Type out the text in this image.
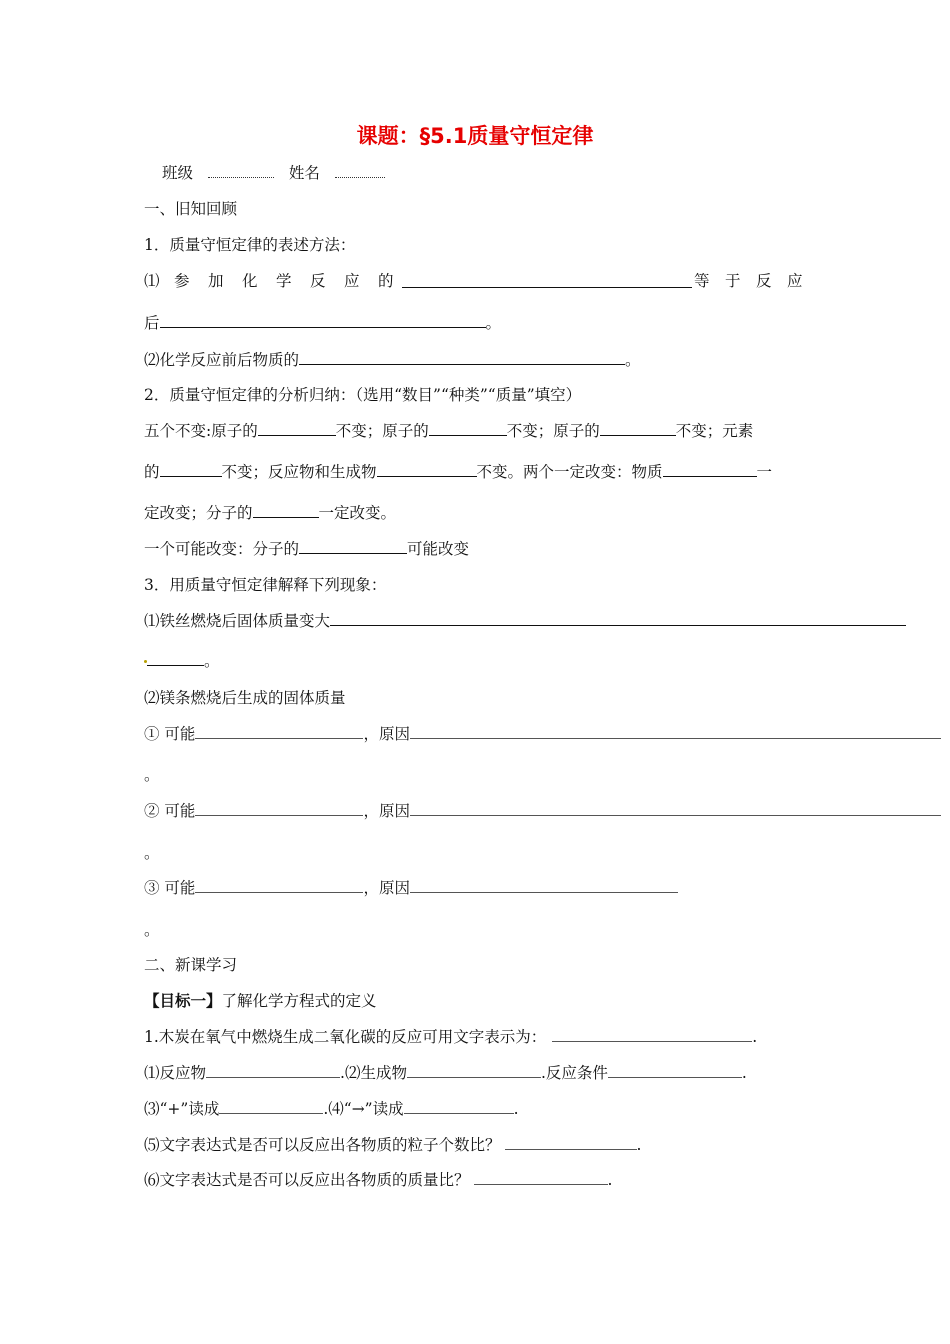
课题：§5.1质量守恒定律
班级	姓名
一、旧知回顾
1．质量守恒定律的表述方法：
⑴ 参 加 化 学 反 应 的	等 于 反 应
后	。
⑵化学反应前后物质的	。
2．质量守恒定律的分析归纳：（选用“数目”“种类”“质量”填空）
五个不变:原子的	不变；原子的	不变；原子的	不变；元素
的	不变；反应物和生成物	不变。两个一定改变：物质	一
定改变；分子的	一定改变。
一个可能改变：分子的	可能改变
3．用质量守恒定律解释下列现象：
⑴铁丝燃烧后固体质量变大
。
⑵镁条燃烧后生成的固体质量
① 可能	，原因
。
② 可能	，原因
。
③ 可能	，原因
。
二、新课学习
【目标一】了解化学方程式的定义
1.木炭在氧气中燃烧生成二氧化碳的反应可用文字表示为：	.
⑴反应物	.⑵生成物	.反应条件	.
⑶“+”读成	.⑷“→”读成	.
⑸文字表达式是否可以反应出各物质的粒子个数比？	.
⑹文字表达式是否可以反应出各物质的质量比？	.
